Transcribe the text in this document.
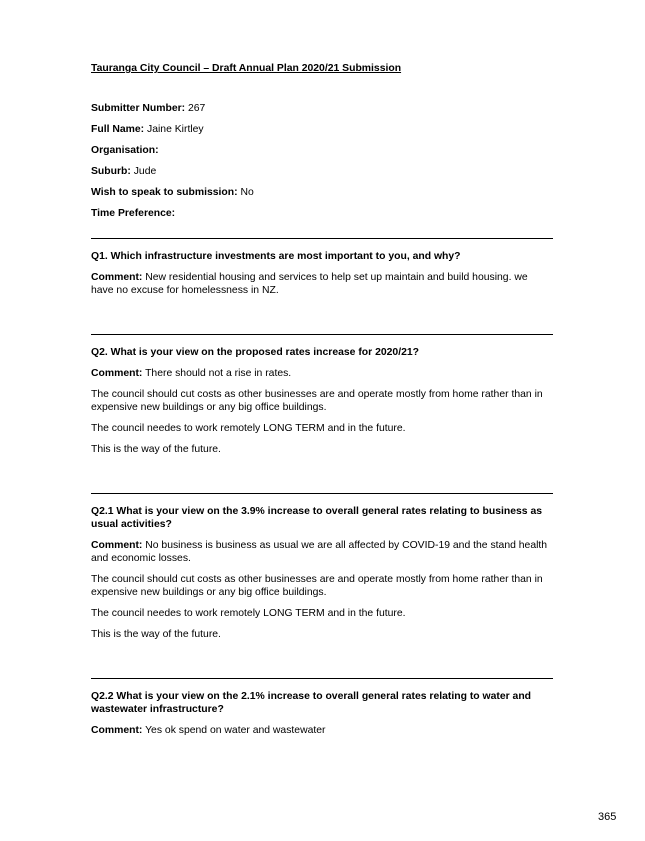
Tauranga City Council – Draft Annual Plan 2020/21 Submission
Submitter Number: 267
Full Name: Jaine Kirtley
Organisation:
Suburb: Jude
Wish to speak to submission: No
Time Preference:
Q1. Which infrastructure investments are most important to you, and why?
Comment: New residential housing and services to help set up maintain and build housing. we have no excuse for homelessness in NZ.
Q2. What is your view on the proposed rates increase for 2020/21?
Comment: There should not a rise in rates.
The council should cut costs as other businesses are and operate mostly from home rather than in expensive new buildings or any big office buildings.
The council needes to work remotely LONG TERM and in the future.
This is the way of the future.
Q2.1 What is your view on the 3.9% increase to overall general rates relating to business as usual activities?
Comment: No business is business as usual we are all affected by COVID-19 and the stand health and economic losses.
The council should cut costs as other businesses are and operate mostly from home rather than in expensive new buildings or any big office buildings.
The council needes to work remotely LONG TERM and in the future.
This is the way of the future.
Q2.2 What is your view on the 2.1% increase to overall general rates relating to water and wastewater infrastructure?
Comment: Yes ok spend on water and wastewater
365
